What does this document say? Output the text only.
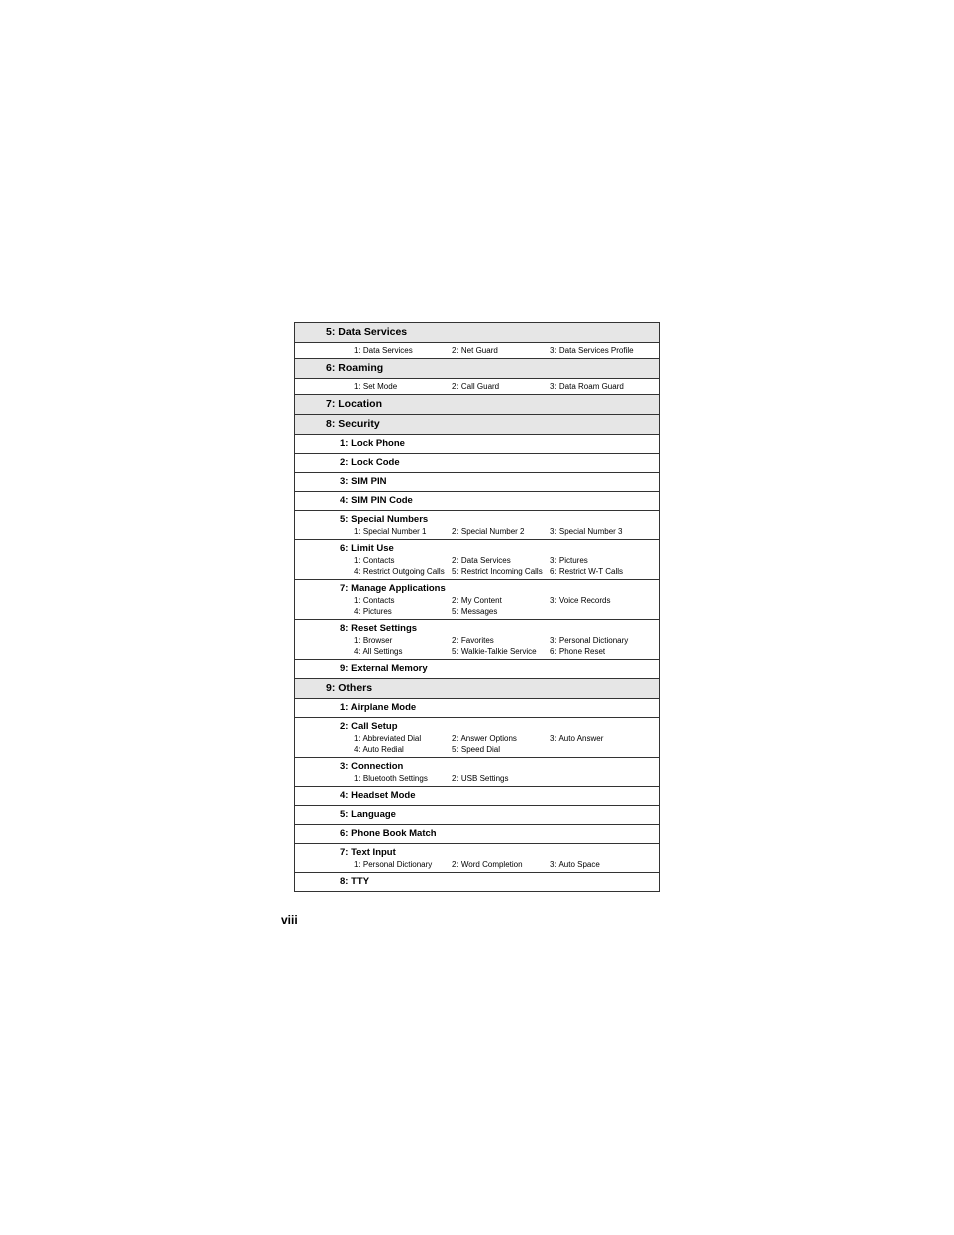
5: Data Services
1: Data Services	2: Net Guard	3: Data Services Profile
6: Roaming
1: Set Mode	2: Call Guard	3: Data Roam Guard
7: Location
8: Security
1: Lock Phone
2: Lock Code
3: SIM PIN
4: SIM PIN Code
5: Special Numbers
1: Special Number 1	2: Special Number 2	3: Special Number 3
6: Limit Use
1: Contacts	2: Data Services	3: Pictures
4: Restrict Outgoing Calls 5: Restrict Incoming Calls 6: Restrict W-T Calls
7: Manage Applications
1: Contacts	2: My Content	3: Voice Records
4: Pictures	5: Messages
8: Reset Settings
1: Browser	2: Favorites	3: Personal Dictionary
4: All Settings	5: Walkie-Talkie Service	6: Phone Reset
9: External Memory
9: Others
1: Airplane Mode
2: Call Setup
1: Abbreviated Dial	2: Answer Options	3: Auto Answer
4: Auto Redial	5: Speed Dial
3: Connection
1: Bluetooth Settings	2: USB Settings
4: Headset Mode
5: Language
6: Phone Book Match
7: Text Input
1: Personal Dictionary	2: Word Completion	3: Auto Space
8: TTY
viii
